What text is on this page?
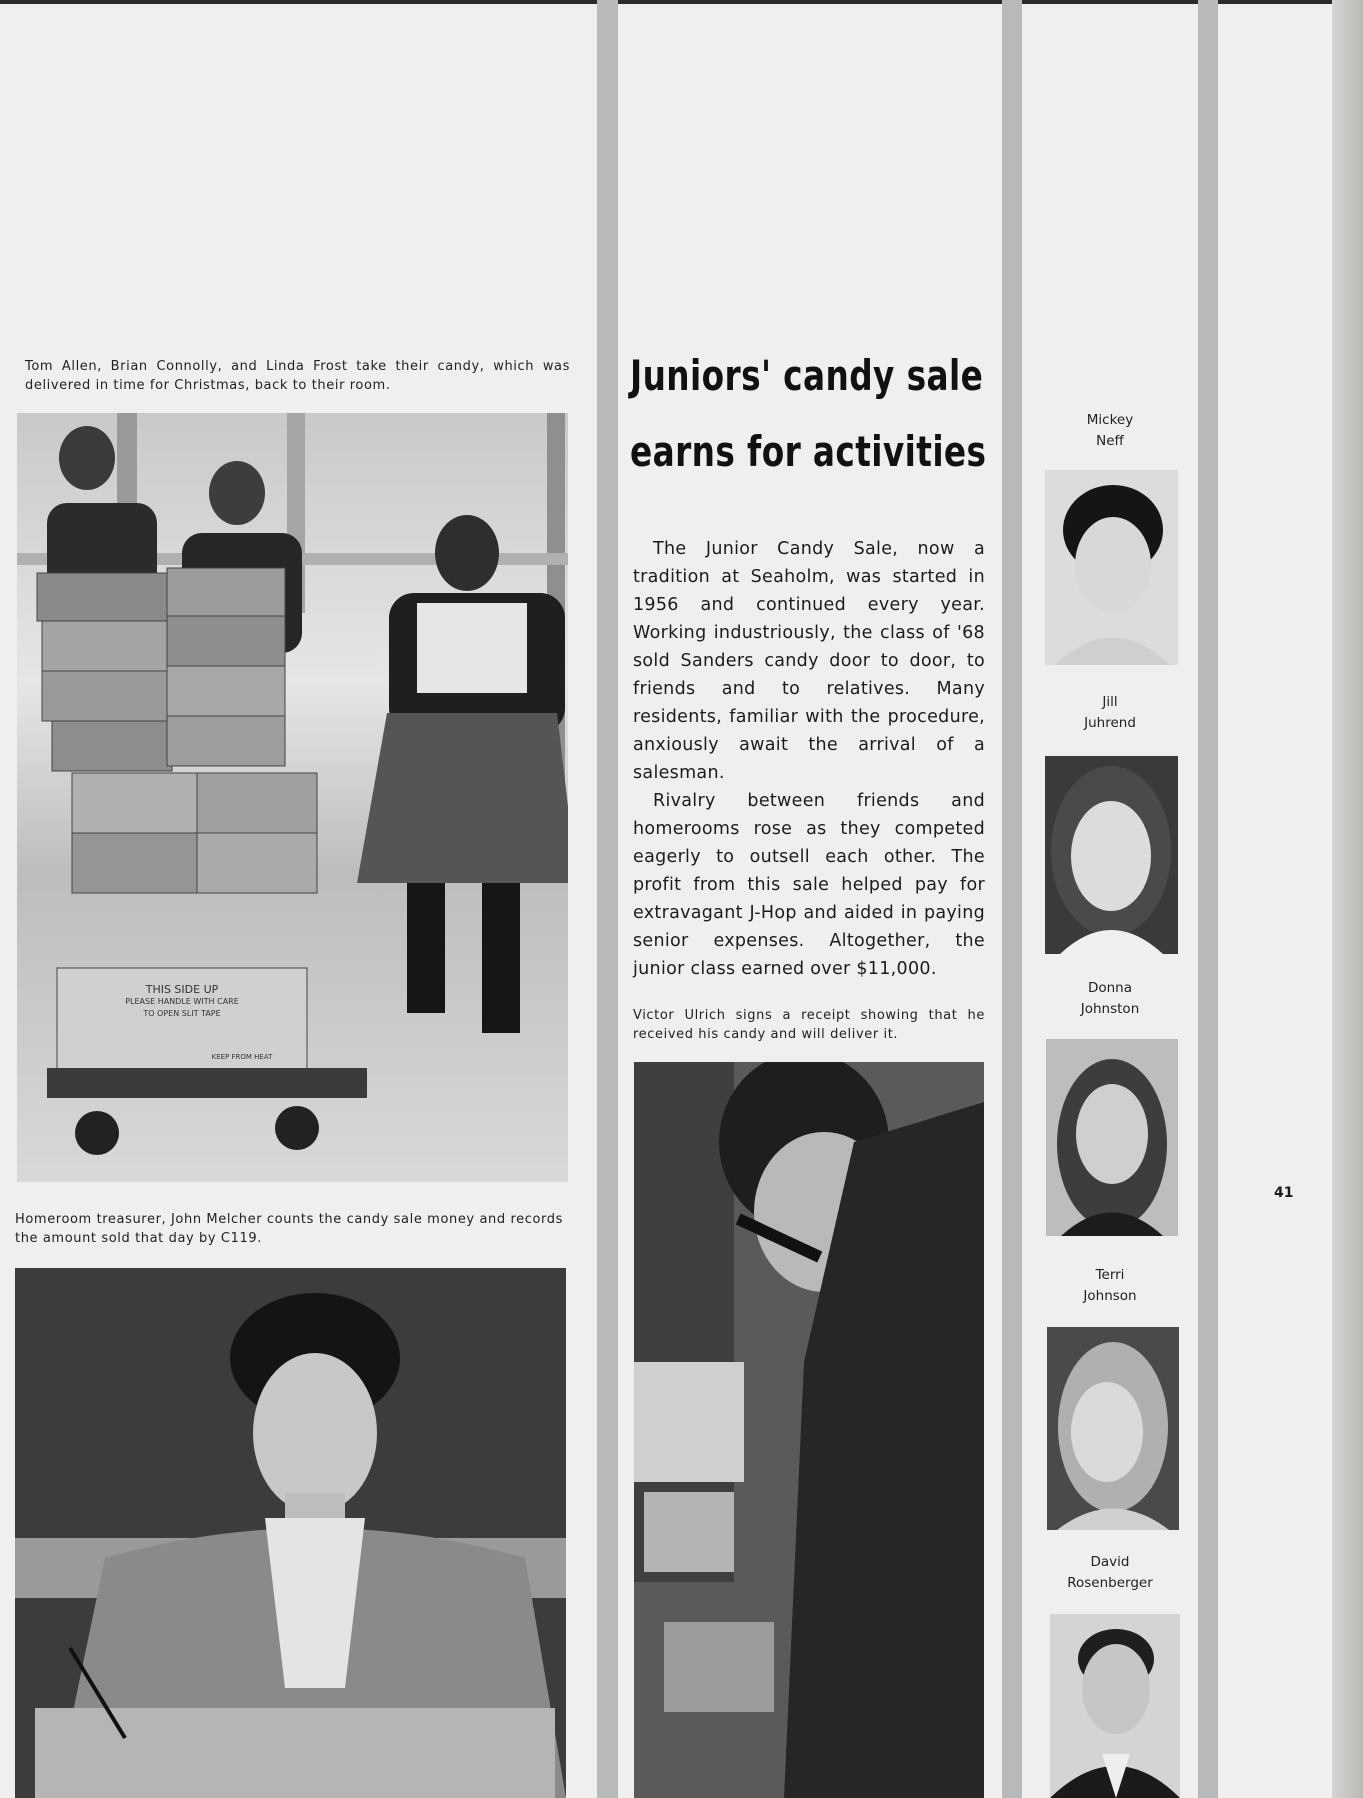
Tom Allen, Brian Connolly, and Linda Frost take their candy, which was delivered in time for Christmas, back to their room.
THIS SIDE UP
PLEASE HANDLE WITH CARE
TO OPEN SLIT TAPE
KEEP FROM HEAT
Homeroom treasurer, John Melcher counts the candy sale money and records the amount sold that day by C119.
Juniors' candy sale
earns for activities

The Junior Candy Sale, now a tradition at Seaholm, was started in 1956 and continued every year. Working industriously, the class of '68 sold Sanders candy door to door, to friends and to relatives. Many residents, familiar with the procedure, anxiously await the arrival of a salesman.

Rivalry between friends and homerooms rose as they competed eagerly to outsell each other. The profit from this sale helped pay for extravagant J-Hop and aided in paying senior expenses. Altogether, the junior class earned over $11,000.

Victor Ulrich signs a receipt showing that he received his candy and will deliver it.
Mickey
Neff
Jill
Juhrend
Donna
Johnston
Terri
Johnson
David
Rosenberger
41
